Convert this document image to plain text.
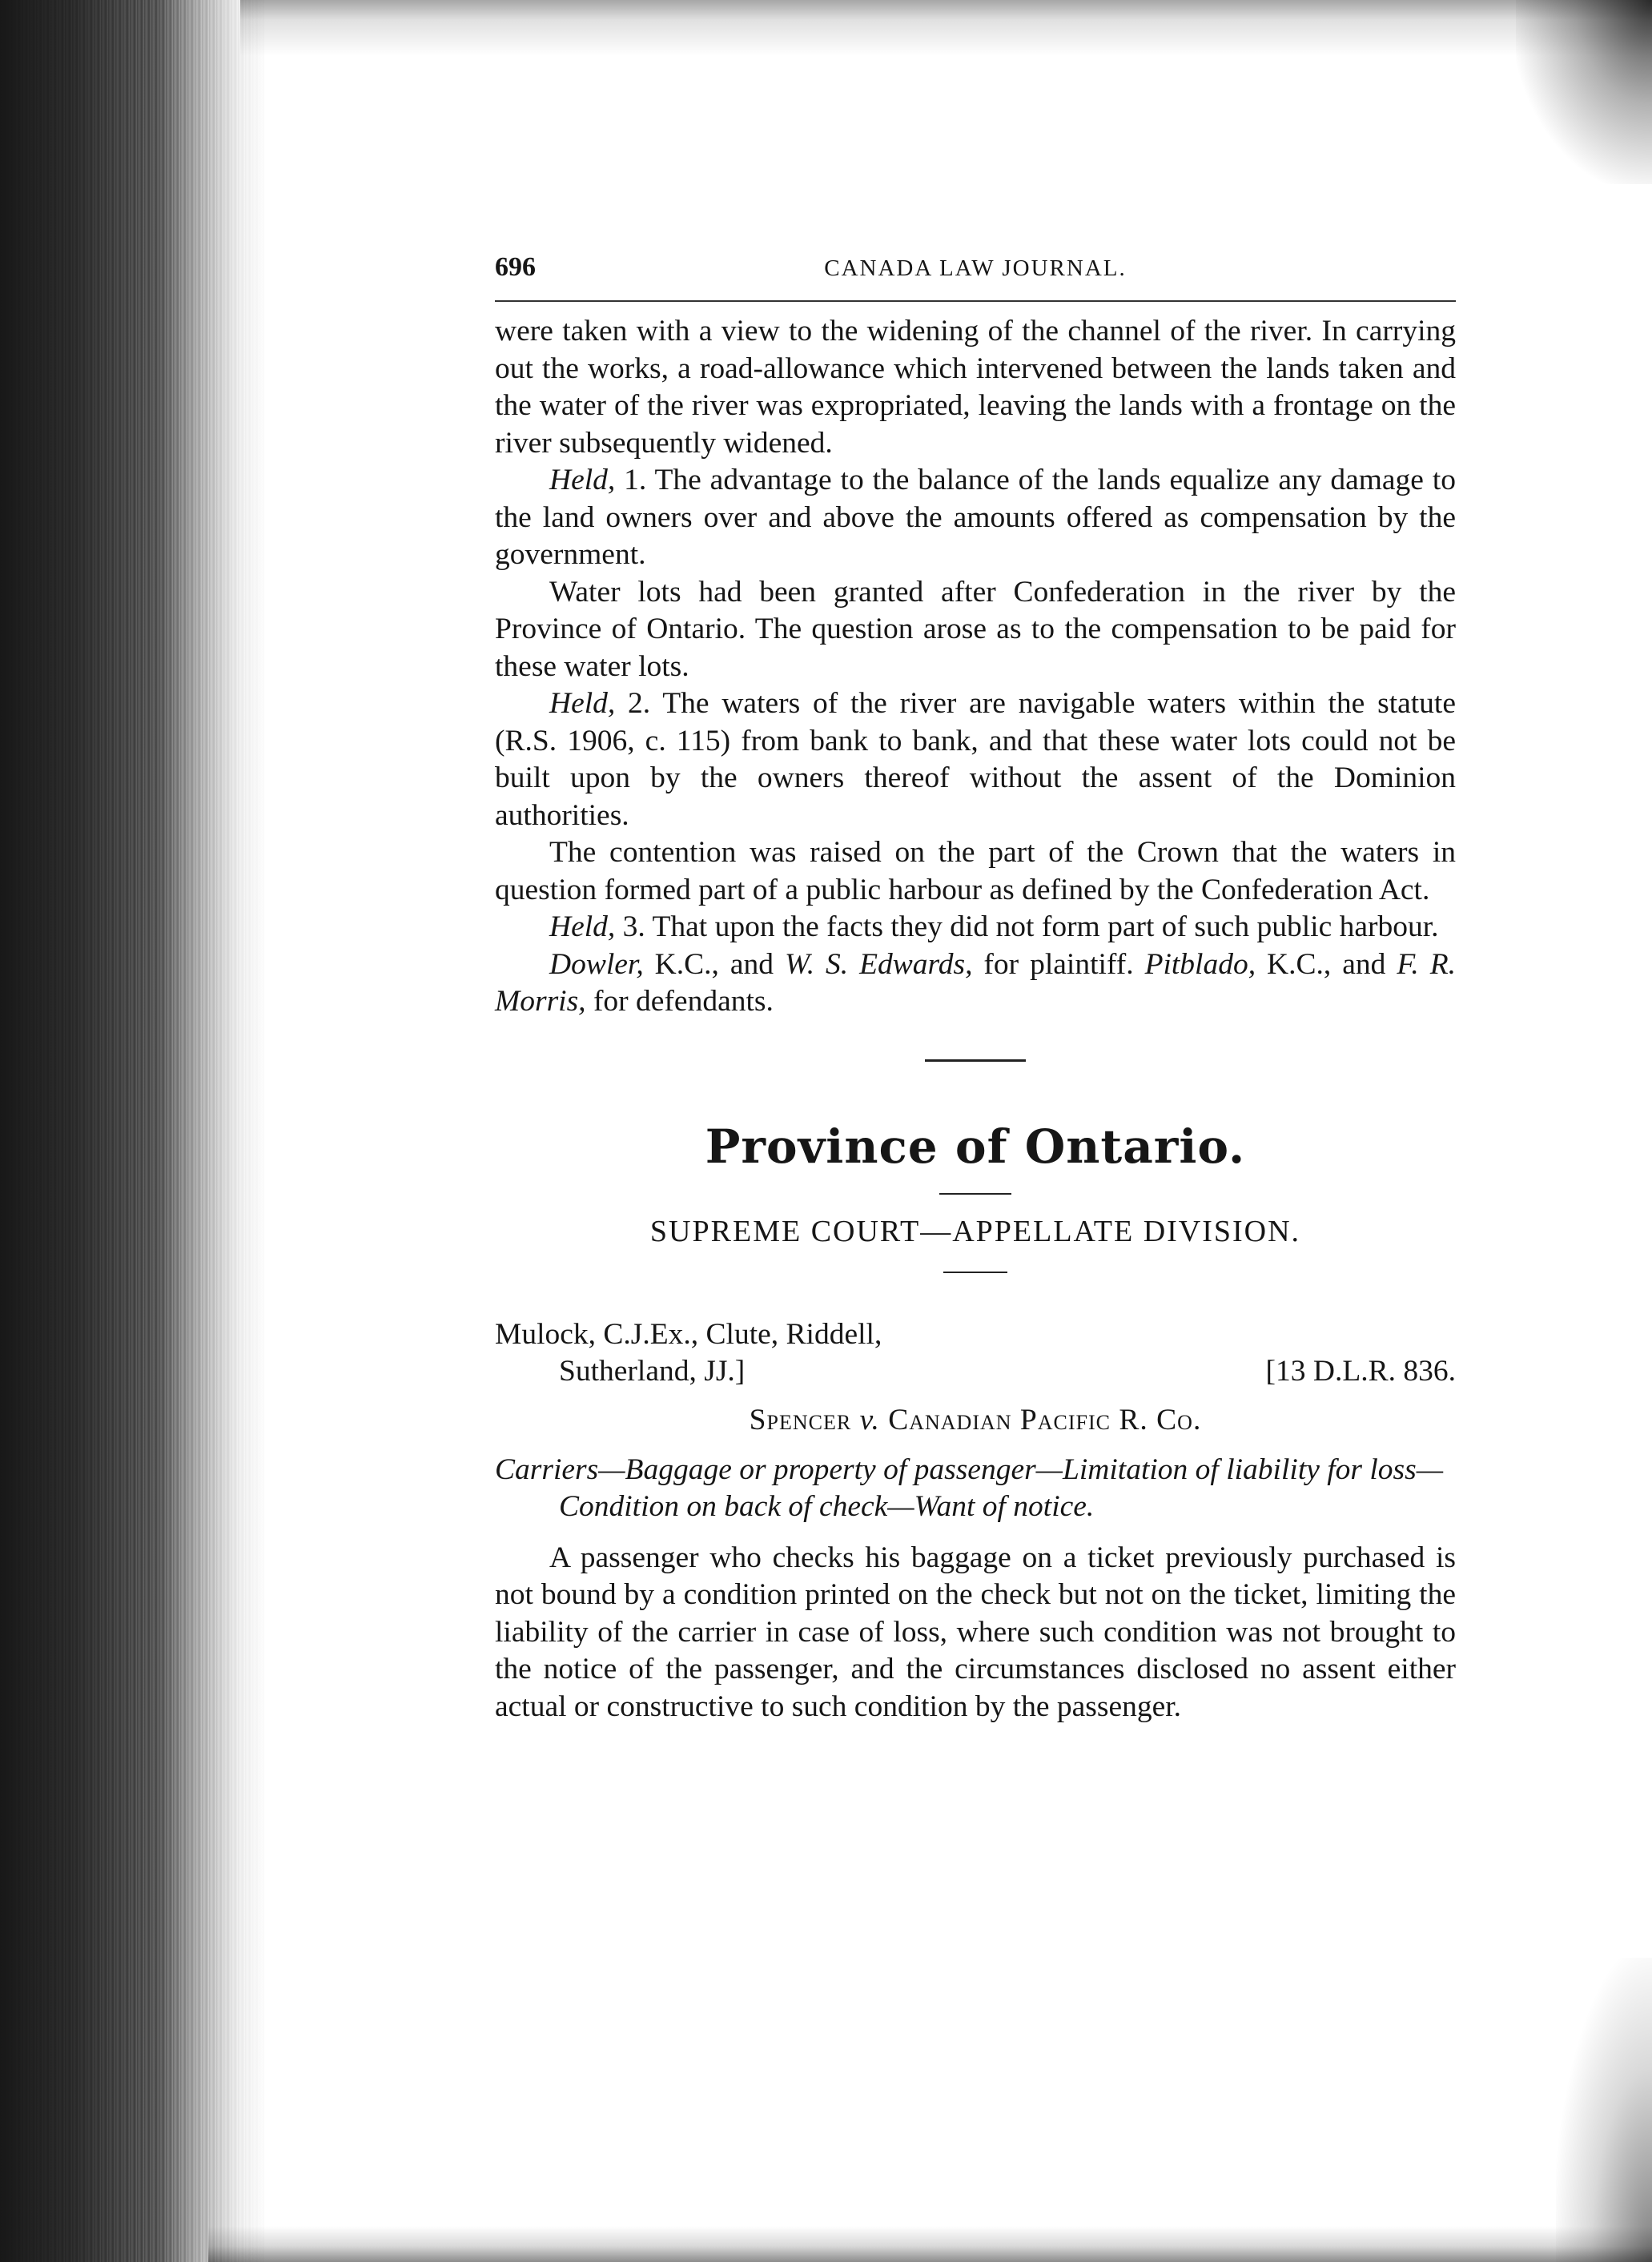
696	CANADA LAW JOURNAL.

were taken with a view to the widening of the channel of the river. In carrying out the works, a road-allowance which intervened between the lands taken and the water of the river was expropriated, leaving the lands with a frontage on the river subsequently widened.

Held, 1. The advantage to the balance of the lands equalize any damage to the land owners over and above the amounts offered as compensation by the government.

Water lots had been granted after Confederation in the river by the Province of Ontario. The question arose as to the compensation to be paid for these water lots.

Held, 2. The waters of the river are navigable waters within the statute (R.S. 1906, c. 115) from bank to bank, and that these water lots could not be built upon by the owners thereof without the assent of the Dominion authorities.

The contention was raised on the part of the Crown that the waters in question formed part of a public harbour as defined by the Confederation Act.

Held, 3. That upon the facts they did not form part of such public harbour.

Dowler, K.C., and W. S. Edwards, for plaintiff. Pitblado, K.C., and F. R. Morris, for defendants.

Province of Ontario.
SUPREME COURT—APPELLATE DIVISION.
Mulock, C.J.Ex., Clute, Riddell,
Sutherland, JJ.]	[13 D.L.R. 836.
Spencer v. Canadian Pacific R. Co.
Carriers—Baggage or property of passenger—Limitation of liability for loss—Condition on back of check—Want of notice.

A passenger who checks his baggage on a ticket previously purchased is not bound by a condition printed on the check but not on the ticket, limiting the liability of the carrier in case of loss, where such condition was not brought to the notice of the passenger, and the circumstances disclosed no assent either actual or constructive to such condition by the passenger.
